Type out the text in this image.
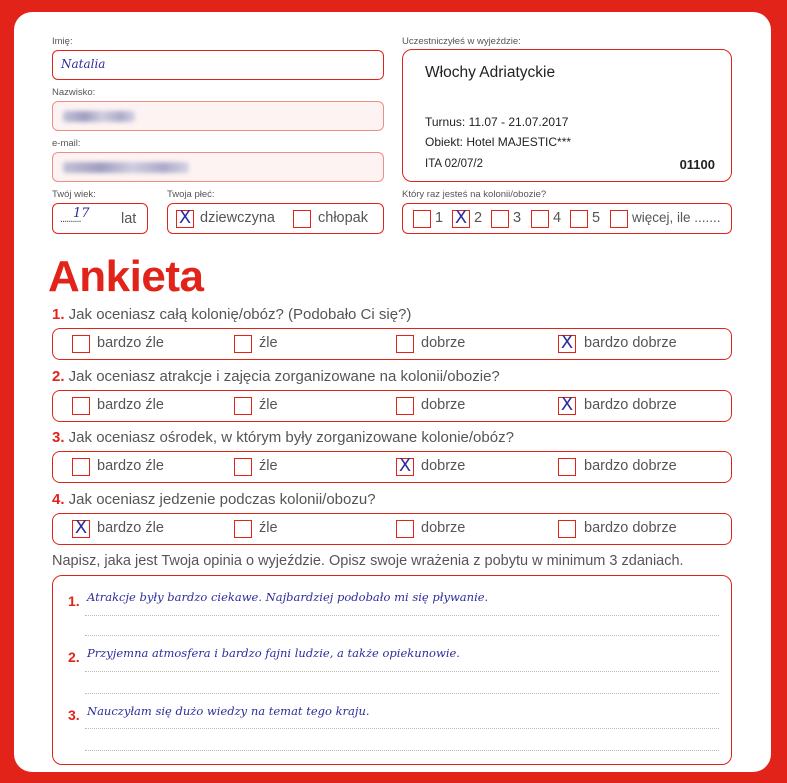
Imię:
Natalia
Nazwisko:
e-mail:
Twój wiek:
..........
17 lat
Twoja płeć:
X dziewczyna	chłopak
Uczestniczyłeś w wyjeździe:
Włochy Adriatyckie
Turnus: 11.07 - 21.07.2017
Obiekt: Hotel MAJESTIC***
ITA 02/07/2	01100
Który raz jesteś na kolonii/obozie?
1 X 2 3 4 5 więcej, ile .......
Ankieta
1. Jak oceniasz całą kolonię/obóz? (Podobało Ci się?)
bardzo źle	źle	dobrze	X bardzo dobrze
2. Jak oceniasz atrakcje i zajęcia zorganizowane na kolonii/obozie?
bardzo źle	źle	dobrze	X bardzo dobrze
3. Jak oceniasz ośrodek, w którym były zorganizowane kolonie/obóz?
bardzo źle	źle	X dobrze	bardzo dobrze
4. Jak oceniasz jedzenie podczas kolonii/obozu?
X bardzo źle	źle	dobrze	bardzo dobrze
Napisz, jaka jest Twoja opinia o wyjeździe. Opisz swoje wrażenia z pobytu w minimum 3 zdaniach.
1. Atrakcje były bardzo ciekawe. Najbardziej podobało mi się pływanie.
2. Przyjemna atmosfera i bardzo fajni ludzie, a także opiekunowie.
3. Nauczyłam się dużo wiedzy na temat tego kraju.
